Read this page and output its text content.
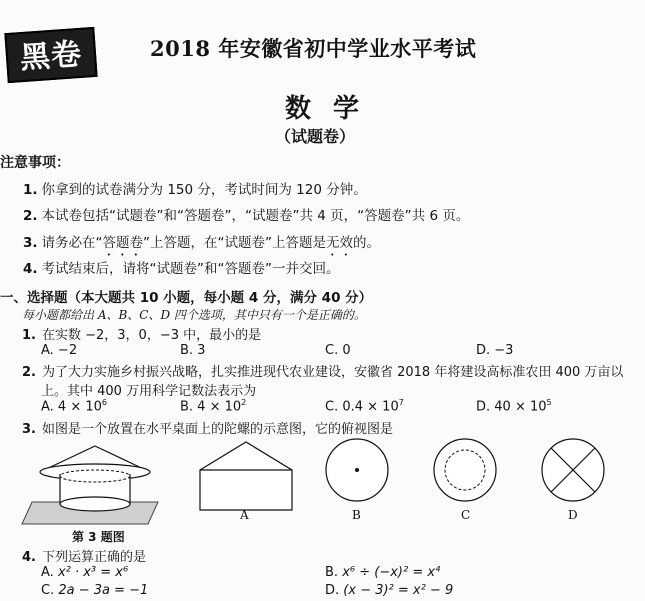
黑卷	2018 年安徽省初中学业水平考试
数学
（试题卷）
注意事项：
1. 你拿到的试卷满分为 150 分，考试时间为 120 分钟。
2. 本试卷包括“试题卷”和“答题卷”，“试题卷”共 4 页，“答题卷”共 6 页。
3. 请务必在“答题卷”上答题，在“试题卷”上答题是无效的。
4. 考试结束后，请将“试题卷”和“答题卷”一并交回。
一、选择题（本大题共 10 小题，每小题 4 分，满分 40 分）
每小题都给出 A、B、C、D 四个选项，其中只有一个是正确的。
1. 在实数 −2，3，0，−3 中，最小的是
A. −2	B. 3	C. 0	D. −3
2. 为了大力实施乡村振兴战略，扎实推进现代农业建设，安徽省 2018 年将建设高标准农田 400 万亩以
上。其中 400 万用科学记数法表示为
A. $4 \times 10^6$	B. $4 \times 10^2$	C. $0.4 \times 10^7$	D. $40 \times 10^5$
3. 如图是一个放置在水平桌面上的陀螺的示意图，它的俯视图是
第 3 题图
A	B	C	D
4. 下列运算正确的是
A. x² · x³ = x⁶	B. x⁶ ÷ (−x)² = x⁴
C. 2a − 3a = −1	D. (x − 3)² = x² − 9
